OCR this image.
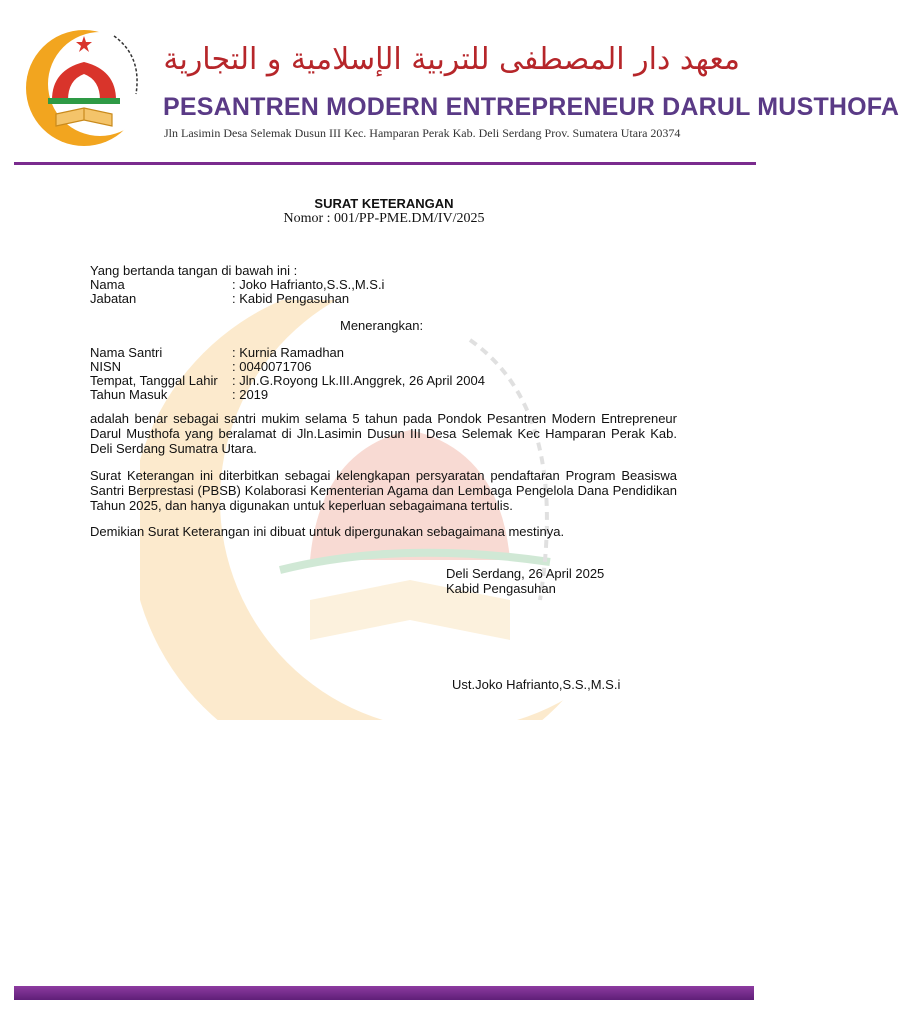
معهد دار المصطفى للتربية الإسلامية و التجارية
PESANTREN MODERN ENTREPRENEUR DARUL MUSTHOFA
Jln Lasimin Desa Selemak Dusun III Kec. Hamparan Perak Kab. Deli Serdang Prov. Sumatera Utara 20374
SURAT KETERANGAN
Nomor : 001/PP-PME.DM/IV/2025
Yang bertanda tangan di bawah ini :
Nama	: Joko Hafrianto,S.S.,M.S.i
Jabatan	: Kabid Pengasuhan
Menerangkan:
Nama Santri	: Kurnia Ramadhan
NISN	: 0040071706
Tempat, Tanggal Lahir : Jln.G.Royong Lk.III.Anggrek, 26 April 2004
Tahun Masuk	: 2019
adalah benar sebagai santri mukim selama 5 tahun pada Pondok Pesantren Modern Entrepreneur Darul Musthofa yang beralamat di Jln.Lasimin Dusun III Desa Selemak Kec Hamparan Perak Kab. Deli Serdang Sumatra Utara.
Surat Keterangan ini diterbitkan sebagai kelengkapan persyaratan pendaftaran Program Beasiswa Santri Berprestasi (PBSB) Kolaborasi Kementerian Agama dan Lembaga Pengelola Dana Pendidikan Tahun 2025, dan hanya digunakan untuk keperluan sebagaimana tertulis.
Demikian Surat Keterangan ini dibuat untuk dipergunakan sebagaimana mestinya.
Deli Serdang, 26 April 2025
Kabid Pengasuhan
Ust.Joko Hafrianto,S.S.,M.S.i
